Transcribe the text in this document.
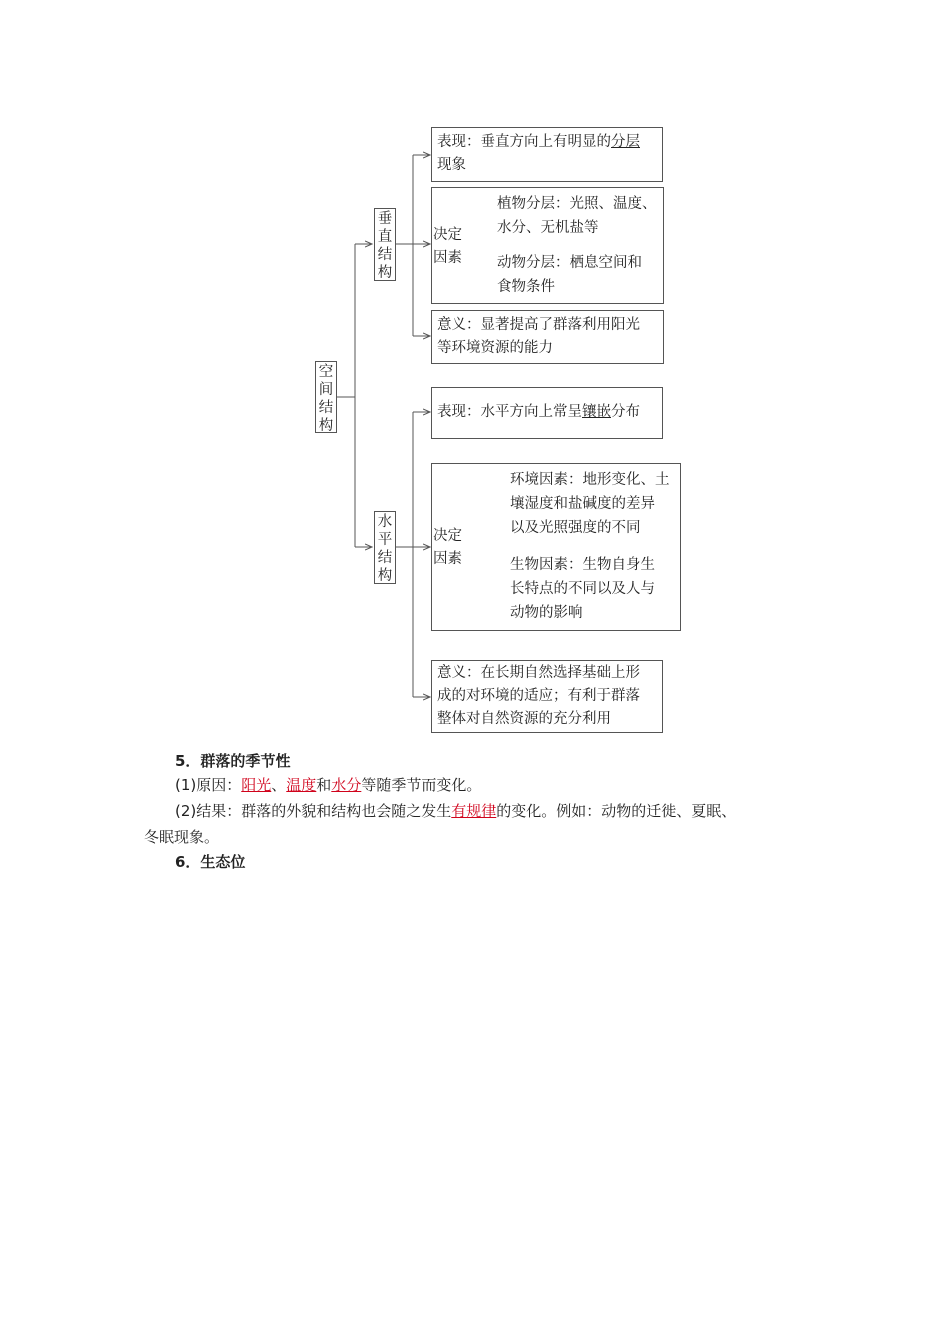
空
间
结
构
垂
直
结
构
水
平
结
构
表现：垂直方向上有明显的分层
现象
决定
因素
植物分层：光照、温度、
水分、无机盐等
动物分层：栖息空间和
食物条件
意义：显著提高了群落利用阳光
等环境资源的能力
表现：水平方向上常呈镶嵌分布
决定
因素
环境因素：地形变化、土
壤湿度和盐碱度的差异
以及光照强度的不同
生物因素：生物自身生
长特点的不同以及人与
动物的影响
意义：在长期自然选择基础上形
成的对环境的适应；有利于群落
整体对自然资源的充分利用
5．群落的季节性
(1)原因：阳光、温度和水分等随季节而变化。
(2)结果：群落的外貌和结构也会随之发生有规律的变化。例如：动物的迁徙、夏眠、
冬眠现象。
6．生态位
